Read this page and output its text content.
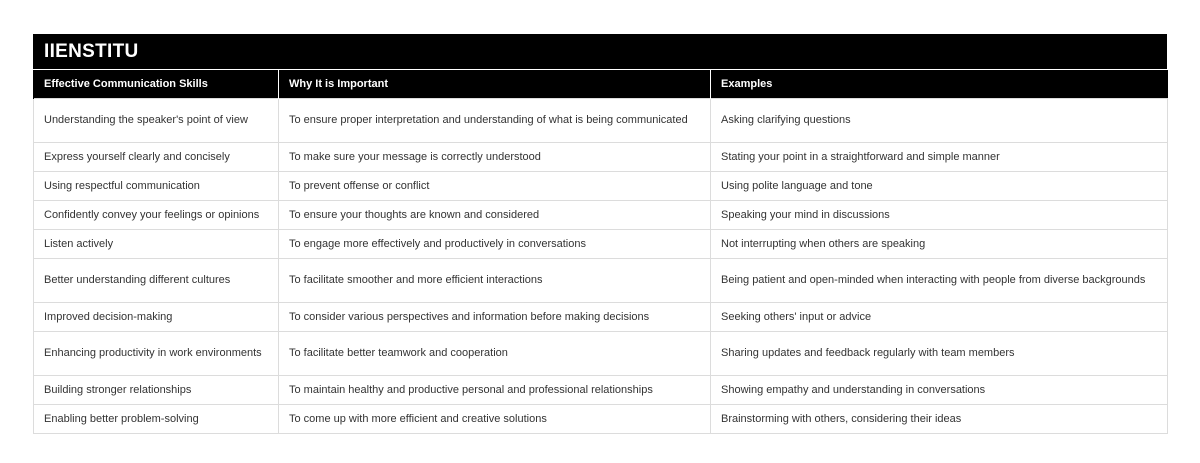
IIENSTITU
Effective Communication Skills	Why It is Important	Examples
Understanding the speaker's point of view	To ensure proper interpretation and understanding of what is being communicated	Asking clarifying questions
Express yourself clearly and concisely	To make sure your message is correctly understood	Stating your point in a straightforward and simple manner
Using respectful communication	To prevent offense or conflict	Using polite language and tone
Confidently convey your feelings or opinions	To ensure your thoughts are known and considered	Speaking your mind in discussions
Listen actively	To engage more effectively and productively in conversations	Not interrupting when others are speaking
Better understanding different cultures	To facilitate smoother and more efficient interactions	Being patient and open-minded when interacting with people from diverse backgrounds
Improved decision-making	To consider various perspectives and information before making decisions	Seeking others' input or advice
Enhancing productivity in work environments	To facilitate better teamwork and cooperation	Sharing updates and feedback regularly with team members
Building stronger relationships	To maintain healthy and productive personal and professional relationships	Showing empathy and understanding in conversations
Enabling better problem-solving	To come up with more efficient and creative solutions	Brainstorming with others, considering their ideas
